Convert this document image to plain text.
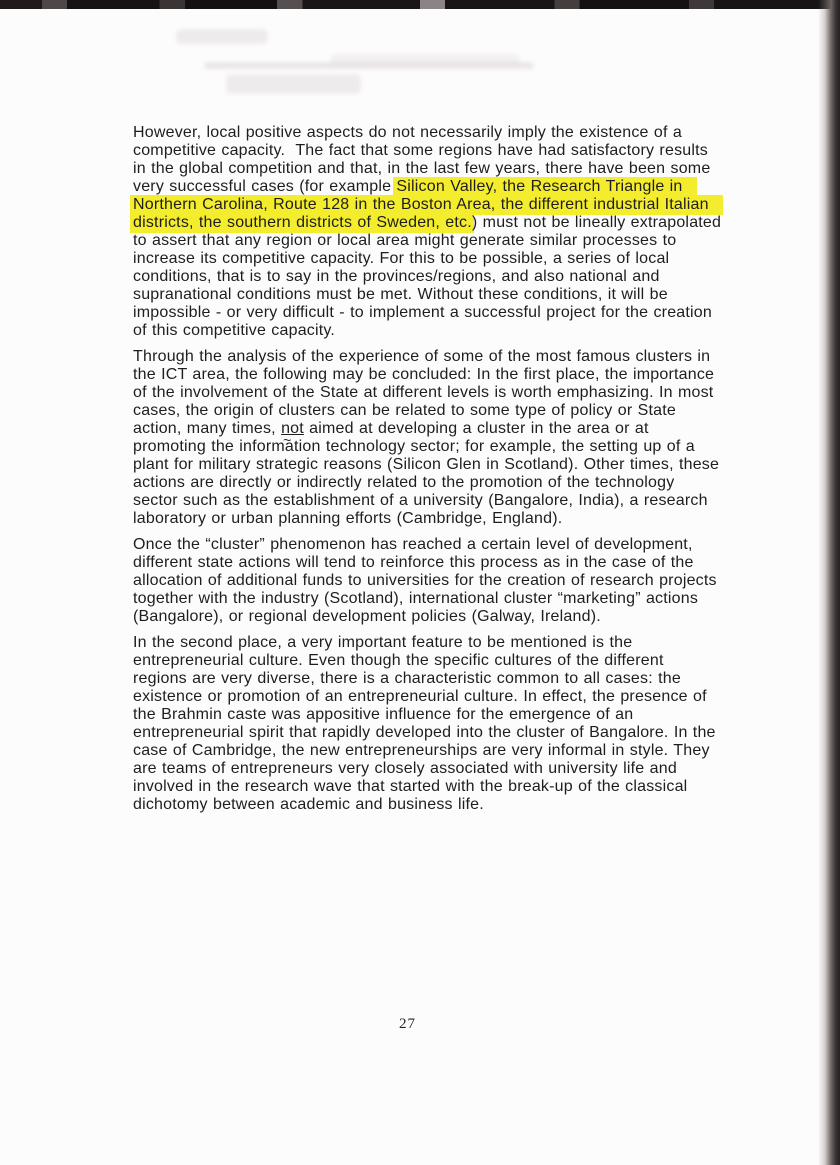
However, local positive aspects do not necessarily imply the existence of a
competitive capacity.  The fact that some regions have had satisfactory results
in the global competition and that, in the last few years, there have been some
very successful cases (for example Silicon Valley, the Research Triangle in
Northern Carolina, Route 128 in the Boston Area, the different industrial Italian
districts, the southern districts of Sweden, etc.) must not be lineally extrapolated
to assert that any region or local area might generate similar processes to
increase its competitive capacity. For this to be possible, a series of local
conditions, that is to say in the provinces/regions, and also national and
supranational conditions must be met. Without these conditions, it will be
impossible - or very difficult - to implement a successful project for the creation
of this competitive capacity.
Through the analysis of the experience of some of the most famous clusters in
the ICT area, the following may be concluded: In the first place, the importance
of the involvement of the State at different levels is worth emphasizing. In most
cases, the origin of clusters can be related to some type of policy or State
action, many times, not ~ aimed at developing a cluster in the area or at
promoting the information technology sector; for example, the setting up of a
plant for military strategic reasons (Silicon Glen in Scotland). Other times, these
actions are directly or indirectly related to the promotion of the technology
sector such as the establishment of a university (Bangalore, India), a research
laboratory or urban planning efforts (Cambridge, England).
Once the “cluster” phenomenon has reached a certain level of development,
different state actions will tend to reinforce this process as in the case of the
allocation of additional funds to universities for the creation of research projects
together with the industry (Scotland), international cluster “marketing” actions
(Bangalore), or regional development policies (Galway, Ireland).
In the second place, a very important feature to be mentioned is the
entrepreneurial culture. Even though the specific cultures of the different
regions are very diverse, there is a characteristic common to all cases: the
existence or promotion of an entrepreneurial culture. In effect, the presence of
the Brahmin caste was appositive influence for the emergence of an
entrepreneurial spirit that rapidly developed into the cluster of Bangalore. In the
case of Cambridge, the new entrepreneurships are very informal in style. They
are teams of entrepreneurs very closely associated with university life and
involved in the research wave that started with the break-up of the classical
dichotomy between academic and business life.
27
